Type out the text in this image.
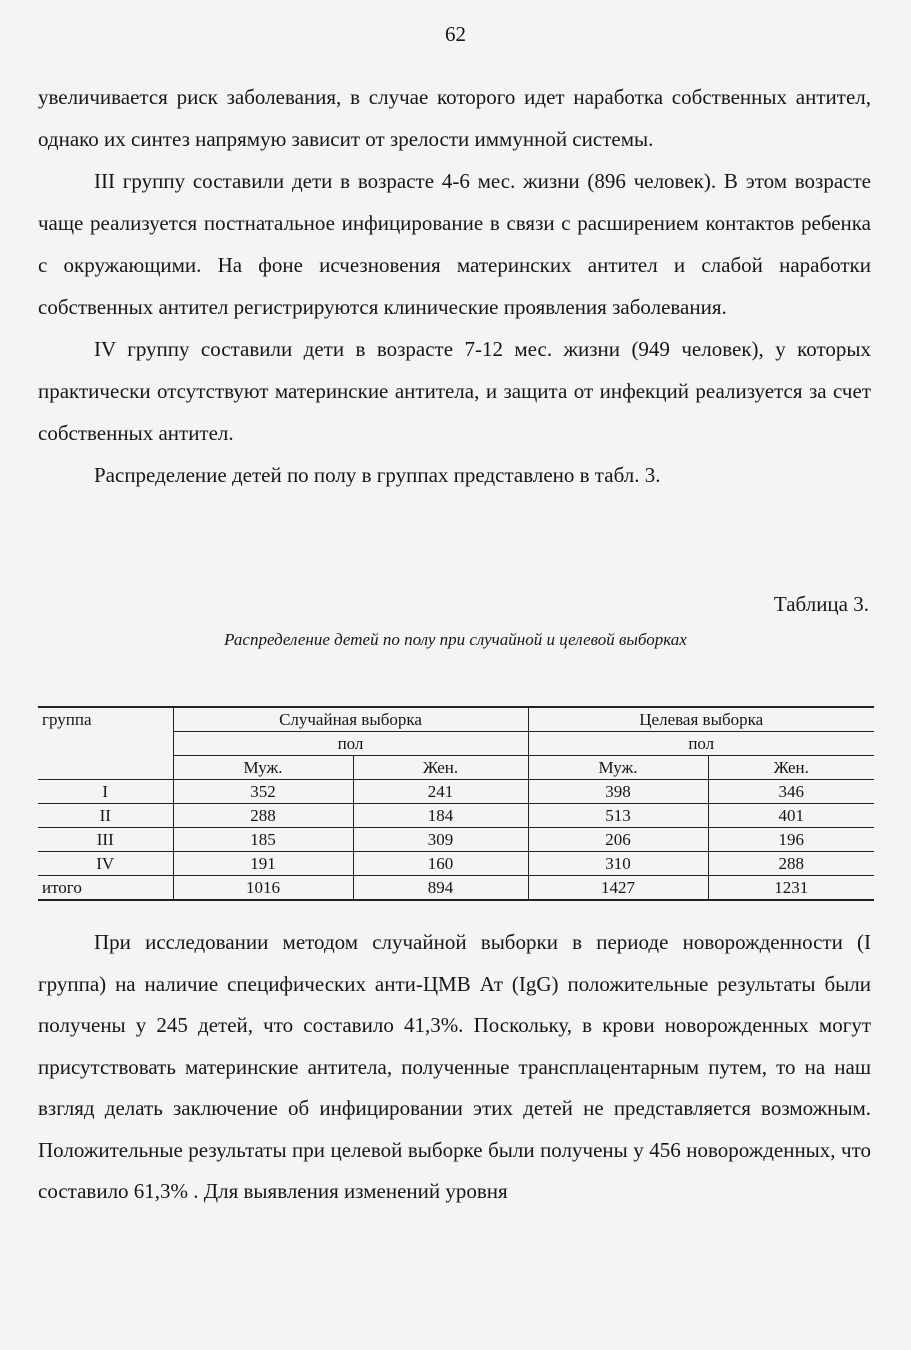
62

увеличивается риск заболевания, в случае которого идет наработка собственных антител, однако их синтез напрямую зависит от зрелости иммунной системы.

III группу составили дети в возрасте 4-6 мес. жизни (896 человек). В этом возрасте чаще реализуется постнатальное инфицирование в связи с расширением контактов ребенка с окружающими. На фоне исчезновения материнских антител и слабой наработки собственных антител регистрируются клинические проявления заболевания.

IV группу составили дети в возрасте 7-12 мес. жизни (949 человек), у которых практически отсутствуют материнские антитела, и защита от инфекций реализуется за счет собственных антител.

Распределение детей по полу в группах представлено в табл. 3.

Таблица 3.
Распределение детей по полу при случайной и целевой выборках
группа	Случайная выборка		Целевая выборка	
	пол		пол	
	Муж.	Жен.	Муж.	Жен.
I	352	241	398	346
II	288	184	513	401
III	185	309	206	196
IV	191	160	310	288
итого	1016	894	1427	1231

При исследовании методом случайной выборки в периоде новорожденности (I группа) на наличие специфических анти-ЦМВ Ат (IgG) положительные результаты были получены у 245 детей, что составило 41,3%. Поскольку, в крови новорожденных могут присутствовать материнские антитела, полученные трансплацентарным путем, то на наш взгляд делать заключение об инфицировании этих детей не представляется возможным. Положительные результаты при целевой выборке были получены у 456 новорожденных, что составило 61,3% . Для выявления изменений уровня
